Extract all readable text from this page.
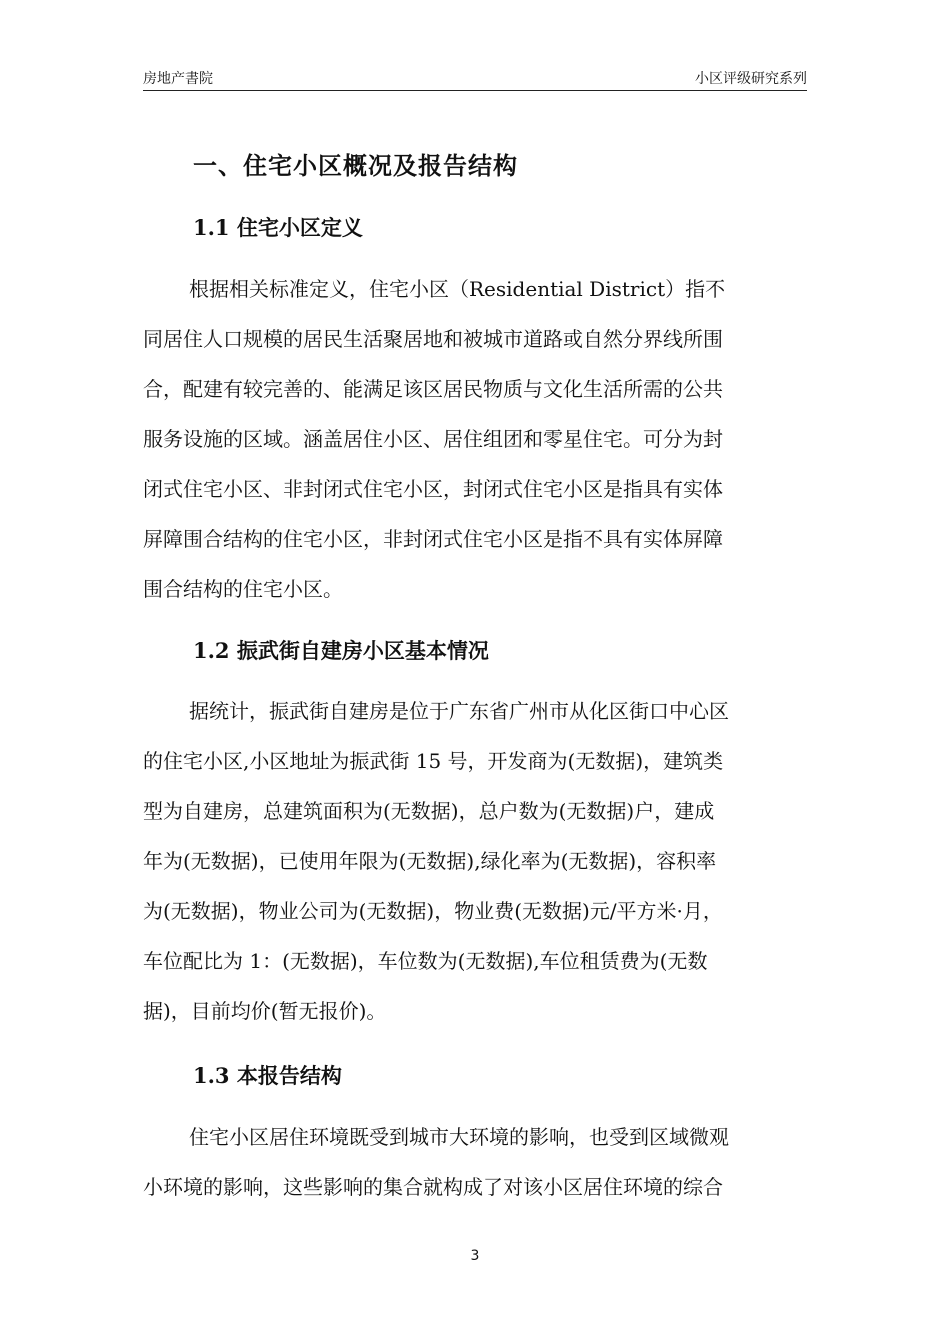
房地产書院	小区评级研究系列
一、住宅小区概况及报告结构
1.1 住宅小区定义
根据相关标准定义，住宅小区（Residential District）指不
同居住人口规模的居民生活聚居地和被城市道路或自然分界线所围
合，配建有较完善的、能满足该区居民物质与文化生活所需的公共
服务设施的区域。涵盖居住小区、居住组团和零星住宅。可分为封
闭式住宅小区、非封闭式住宅小区，封闭式住宅小区是指具有实体
屏障围合结构的住宅小区，非封闭式住宅小区是指不具有实体屏障
围合结构的住宅小区。
1.2 振武街自建房小区基本情况
据统计，振武街自建房是位于广东省广州市从化区街口中心区
的住宅小区,小区地址为振武街 15 号，开发商为(无数据)，建筑类
型为自建房，总建筑面积为(无数据)，总户数为(无数据)户，建成
年为(无数据)，已使用年限为(无数据),绿化率为(无数据)，容积率
为(无数据)，物业公司为(无数据)，物业费(无数据)元/平方米·月，
车位配比为 1：(无数据)，车位数为(无数据),车位租赁费为(无数
据)，目前均价(暂无报价)。
1.3 本报告结构
住宅小区居住环境既受到城市大环境的影响，也受到区域微观
小环境的影响，这些影响的集合就构成了对该小区居住环境的综合
3
